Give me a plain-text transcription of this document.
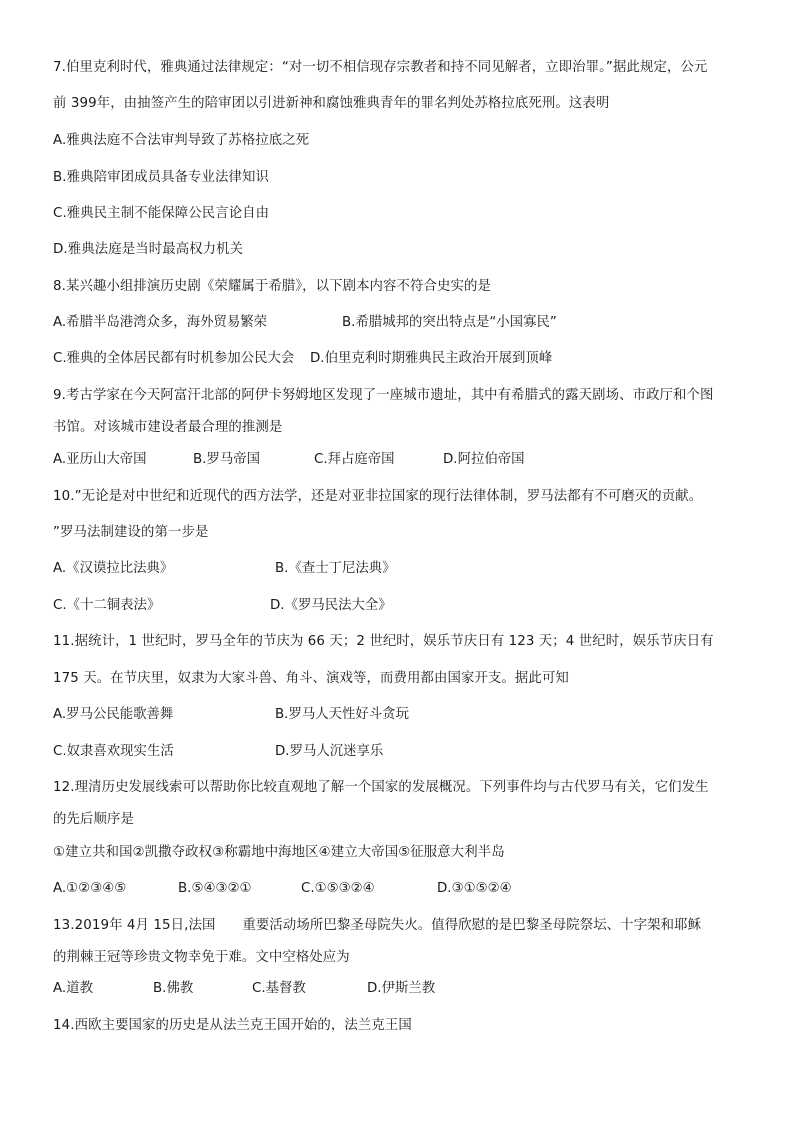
7.伯里克利时代，雅典通过法律规定：“对一切不相信现存宗教者和持不同见解者，立即治罪。”据此规定，公元
前 399年，由抽签产生的陪审团以引进新神和腐蚀雅典青年的罪名判处苏格拉底死刑。这表明
A.雅典法庭不合法审判导致了苏格拉底之死
B.雅典陪审团成员具备专业法律知识
C.雅典民主制不能保障公民言论自由
D.雅典法庭是当时最高权力机关
8.某兴趣小组排演历史剧《荣耀属于希腊》，以下剧本内容不符合史实的是
A.希腊半岛港湾众多，海外贸易繁荣	B.希腊城邦的突出特点是“小国寡民”
C.雅典的全体居民都有时机参加公民大会 D.伯里克利时期雅典民主政治开展到顶峰
9.考古学家在今天阿富汗北部的阿伊卡努姆地区发现了一座城市遗址，其中有希腊式的露天剧场、市政厅和个图
书馆。对该城市建设者最合理的推测是
A.亚历山大帝国	B.罗马帝国	C.拜占庭帝国	D.阿拉伯帝国
10.”无论是对中世纪和近现代的西方法学，还是对亚非拉国家的现行法律体制，罗马法都有不可磨灭的贡献。
”罗马法制建设的第一步是
A.《汉谟拉比法典》	B.《查士丁尼法典》
C.《十二铜表法》	D.《罗马民法大全》
11.据统计，1 世纪时，罗马全年的节庆为 66 天；2 世纪时，娱乐节庆日有 123 天；4 世纪时，娱乐节庆日有
175 天。在节庆里，奴隶为大家斗兽、角斗、演戏等，而费用都由国家开支。据此可知
A.罗马公民能歌善舞	B.罗马人天性好斗贪玩
C.奴隶喜欢现实生活	D.罗马人沉迷享乐
12.理清历史发展线索可以帮助你比较直观地了解一个国家的发展概况。下列事件均与古代罗马有关，它们发生
的先后顺序是
①建立共和国②凯撒夺政权③称霸地中海地区④建立大帝国⑤征服意大利半岛
A.①②③④⑤	B.⑤④③②①	C.①⑤③②④	D.③①⑤②④
13.2019年 4月 15日,法国　　重要活动场所巴黎圣母院失火。值得欣慰的是巴黎圣母院祭坛、十字架和耶稣
的荆棘王冠等珍贵文物幸免于难。文中空格处应为
A.道教	B.佛教	C.基督教	D.伊斯兰教
14.西欧主要国家的历史是从法兰克王国开始的，法兰克王国
